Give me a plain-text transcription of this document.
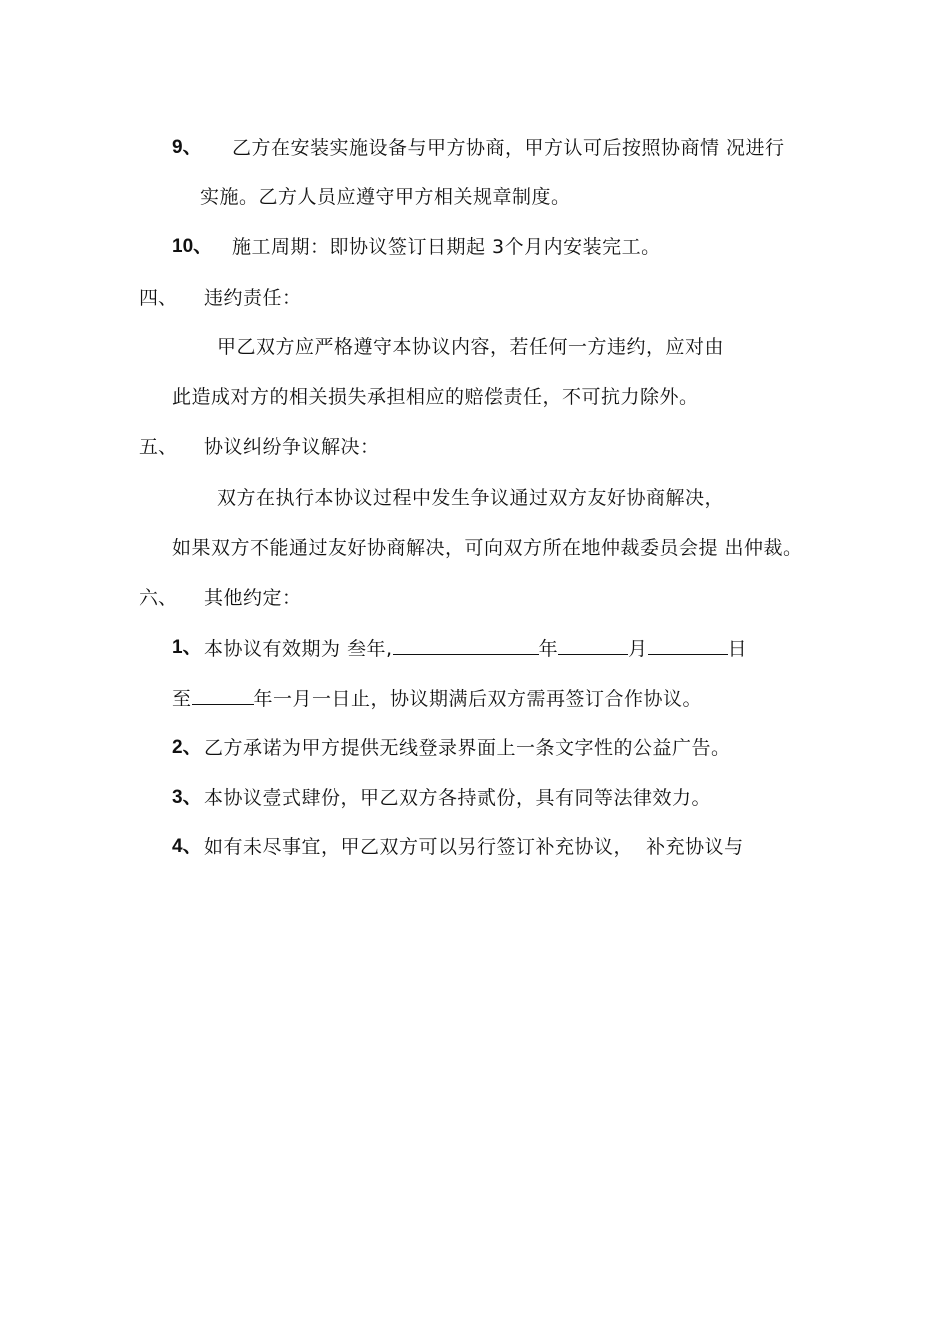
9、 乙方在安装实施设备与甲方协商，甲方认可后按照协商情 况进行
实施。乙方人员应遵守甲方相关规章制度。
10、 施工周期：即协议签订日期起 3个月内安装完工。
四、 违约责任：
甲乙双方应严格遵守本协议内容，若任何一方违约，应对由
此造成对方的相关损失承担相应的赔偿责任，不可抗力除外。
五、 协议纠纷争议解决：
双方在执行本协议过程中发生争议通过双方友好协商解决，
如果双方不能通过友好协商解决，可向双方所在地仲裁委员会提 出仲裁。
六、 其他约定：
1、 本协议有效期为 叁年,	年	月	日
至	年一月一日止，协议期满后双方需再签订合作协议。
2、 乙方承诺为甲方提供无线登录界面上一条文字性的公益广告。
3、 本协议壹式肆份，甲乙双方各持贰份，具有同等法律效力。
4、 如有未尽事宜，甲乙双方可以另行签订补充协议，  补充协议与
